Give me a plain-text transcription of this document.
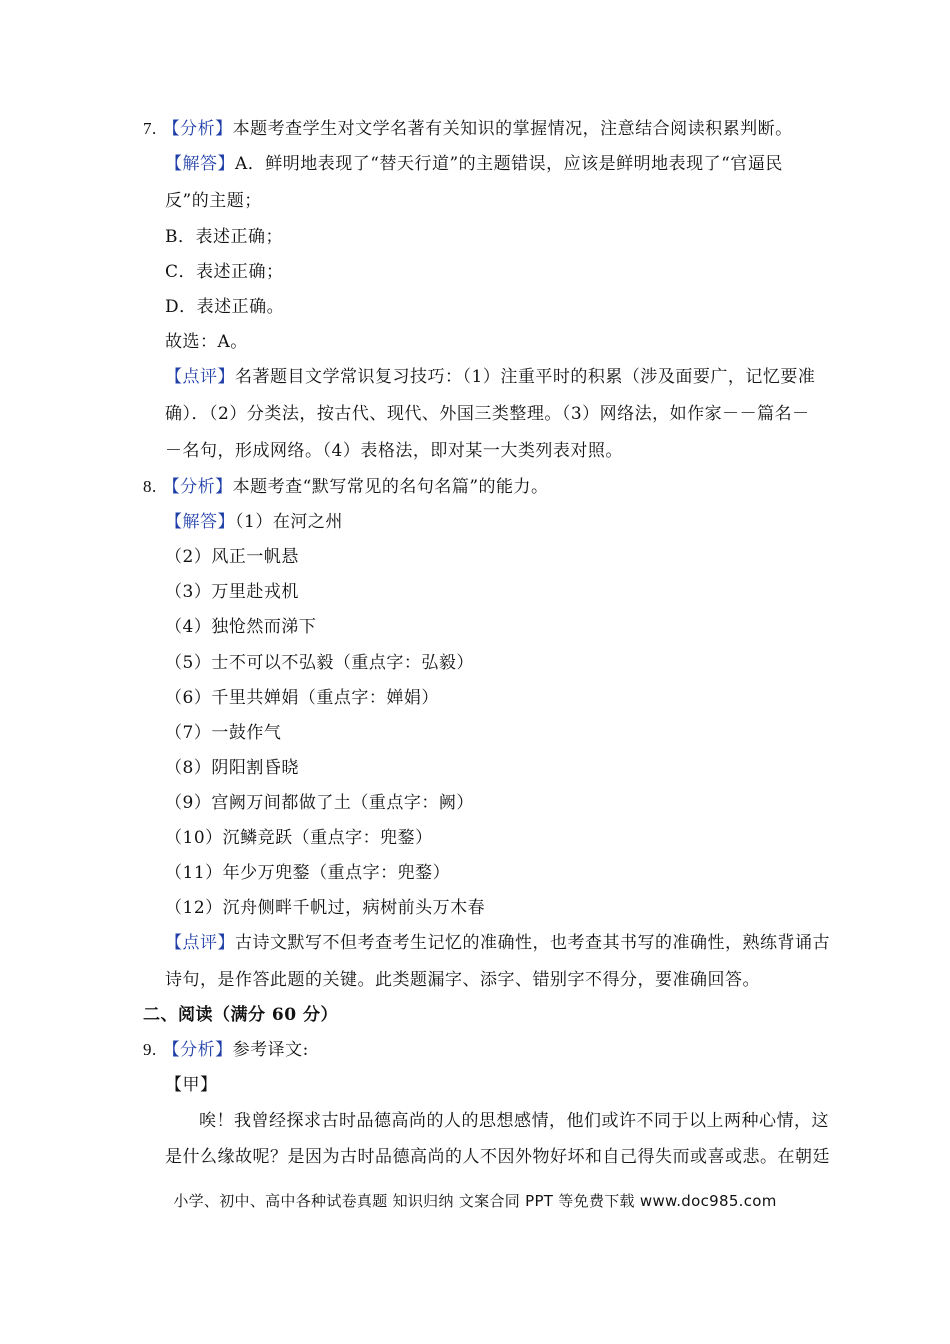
7. 【分析】本题考查学生对文学名著有关知识的掌握情况，注意结合阅读积累判断。
【解答】A．鲜明地表现了“替天行道”的主题错误，应该是鲜明地表现了“官逼民
反”的主题；
B．表述正确；
C．表述正确；
D．表述正确。
故选：A。
【点评】名著题目文学常识复习技巧：（1）注重平时的积累（涉及面要广，记忆要准
确）．（2）分类法，按古代、现代、外国三类整理。（3）网络法，如作家－－篇名－
－名句，形成网络。（4）表格法，即对某一大类列表对照。
8. 【分析】本题考查“默写常见的名句名篇”的能力。
【解答】（1）在河之州
（2）风正一帆悬
（3）万里赴戎机
（4）独怆然而涕下
（5）士不可以不弘毅（重点字：弘毅）
（6）千里共婵娟（重点字：婵娟）
（7）一鼓作气
（8）阴阳割昏晓
（9）宫阙万间都做了土（重点字：阙）
（10）沉鳞竞跃（重点字：兜鍪）
（11）年少万兜鍪（重点字：兜鍪）
（12）沉舟侧畔千帆过，病树前头万木春
【点评】古诗文默写不但考查考生记忆的准确性，也考查其书写的准确性，熟练背诵古
诗句，是作答此题的关键。此类题漏字、添字、错别字不得分，要准确回答。
二、阅读（满分 60 分）
9. 【分析】参考译文:
【甲】
唉！我曾经探求古时品德高尚的人的思想感情，他们或许不同于以上两种心情，这
是什么缘故呢？是因为古时品德高尚的人不因外物好坏和自己得失而或喜或悲。在朝廷
小学、初中、高中各种试卷真题 知识归纳 文案合同 PPT 等免费下载 www.doc985.com
